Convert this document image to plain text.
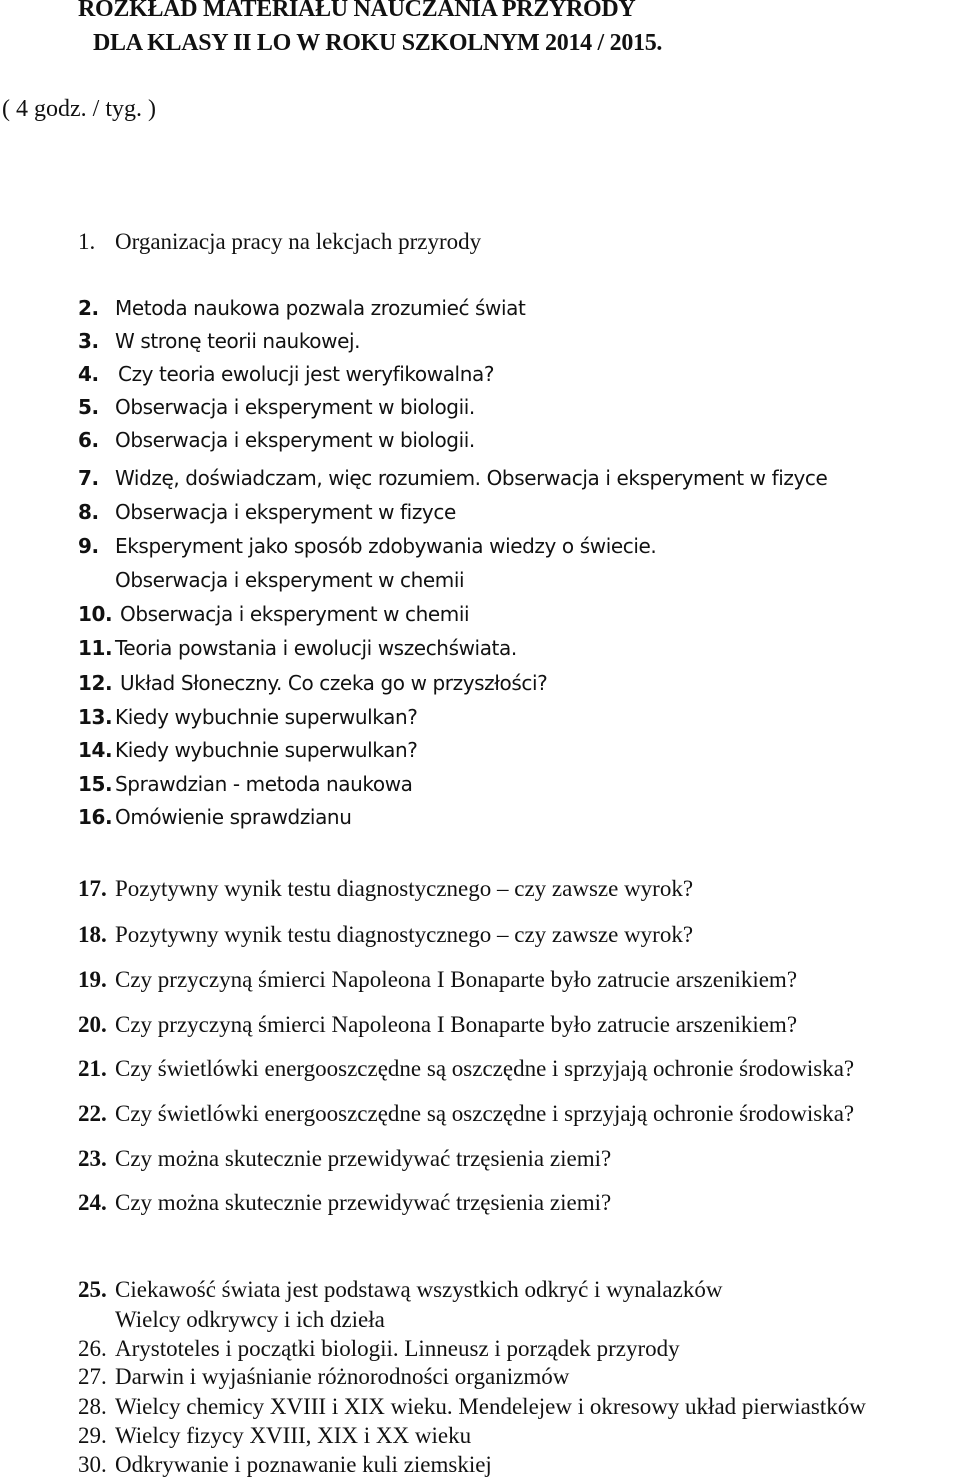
ROZKŁAD MATERIAŁU NAUCZANIA PRZYRODY
DLA KLASY II LO W ROKU SZKOLNYM 2014 / 2015.
( 4 godz. / tyg. )
1. Organizacja pracy na lekcjach przyrody
2. Metoda naukowa pozwala zrozumieć świat
3. W stronę teorii naukowej.
4. Czy teoria ewolucji jest weryfikowalna?
5. Obserwacja i eksperyment w biologii.
6. Obserwacja i eksperyment w biologii.
7. Widzę, doświadczam, więc rozumiem. Obserwacja i eksperyment w fizyce
8. Obserwacja i eksperyment w fizyce
9. Eksperyment jako sposób zdobywania wiedzy o świecie.
Obserwacja i eksperyment w chemii
10. Obserwacja i eksperyment w chemii
11. Teoria powstania i ewolucji wszechświata.
12. Układ Słoneczny. Co czeka go w przyszłości?
13. Kiedy wybuchnie superwulkan?
14. Kiedy wybuchnie superwulkan?
15. Sprawdzian - metoda naukowa
16. Omówienie sprawdzianu
17. Pozytywny wynik testu diagnostycznego – czy zawsze wyrok?
18. Pozytywny wynik testu diagnostycznego – czy zawsze wyrok?
19. Czy przyczyną śmierci Napoleona I Bonaparte było zatrucie arszenikiem?
20. Czy przyczyną śmierci Napoleona I Bonaparte było zatrucie arszenikiem?
21. Czy świetlówki energooszczędne są oszczędne i sprzyjają ochronie środowiska?
22. Czy świetlówki energooszczędne są oszczędne i sprzyjają ochronie środowiska?
23. Czy można skutecznie przewidywać trzęsienia ziemi?
24. Czy można skutecznie przewidywać trzęsienia ziemi?
25. Ciekawość świata jest podstawą wszystkich odkryć i wynalazków
Wielcy odkrywcy i ich dzieła
26. Arystoteles i początki biologii. Linneusz i porządek przyrody
27. Darwin i wyjaśnianie różnorodności organizmów
28. Wielcy chemicy XVIII i XIX wieku. Mendelejew i okresowy układ pierwiastków
29. Wielcy fizycy XVIII, XIX i XX wieku
30. Odkrywanie i poznawanie kuli ziemskiej
